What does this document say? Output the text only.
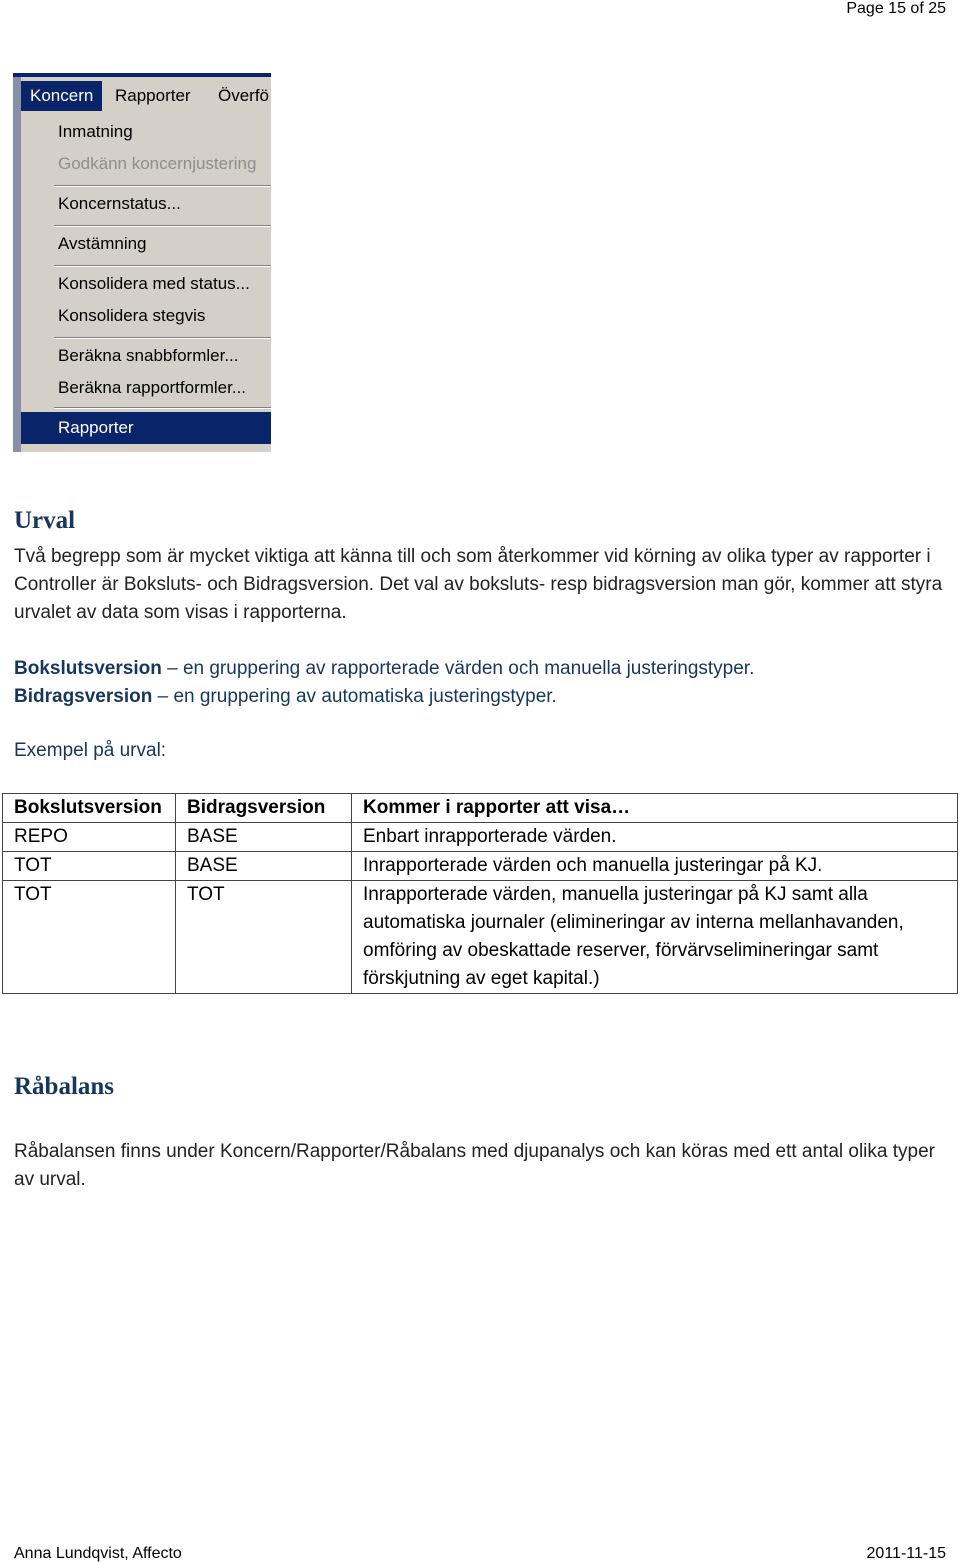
Page 15 of 25
Koncern	Rapporter Överfö
Inmatning
Godkänn koncernjustering
Koncernstatus...
Avstämning
Konsolidera med status...
Konsolidera stegvis
Beräkna snabbformler...
Beräkna rapportformler...
Rapporter
Urval

Två begrepp som är mycket viktiga att känna till och som återkommer vid körning av olika typer av rapporter i Controller är Boksluts- och Bidragsversion. Det val av boksluts- resp bidragsversion man gör, kommer att styra urvalet av data som visas i rapporterna.

Bokslutsversion – en gruppering av rapporterade värden och manuella justeringstyper.
Bidragsversion – en gruppering av automatiska justeringstyper.

Exempel på urval:

Bokslutsversion	Bidragsversion	Kommer i rapporter att visa…
REPO	BASE	Enbart inrapporterade värden.
TOT	BASE	Inrapporterade värden och manuella justeringar på KJ.
TOT	TOT	Inrapporterade värden, manuella justeringar på KJ samt alla automatiska journaler (elimineringar av interna mellanhavanden, omföring av obeskattade reserver, förvärvselimineringar samt förskjutning av eget kapital.)
Råbalans

Råbalansen finns under Koncern/Rapporter/Råbalans med djupanalys och kan köras med ett antal olika typer av urval.

Anna Lundqvist, Affecto	2011-11-15
